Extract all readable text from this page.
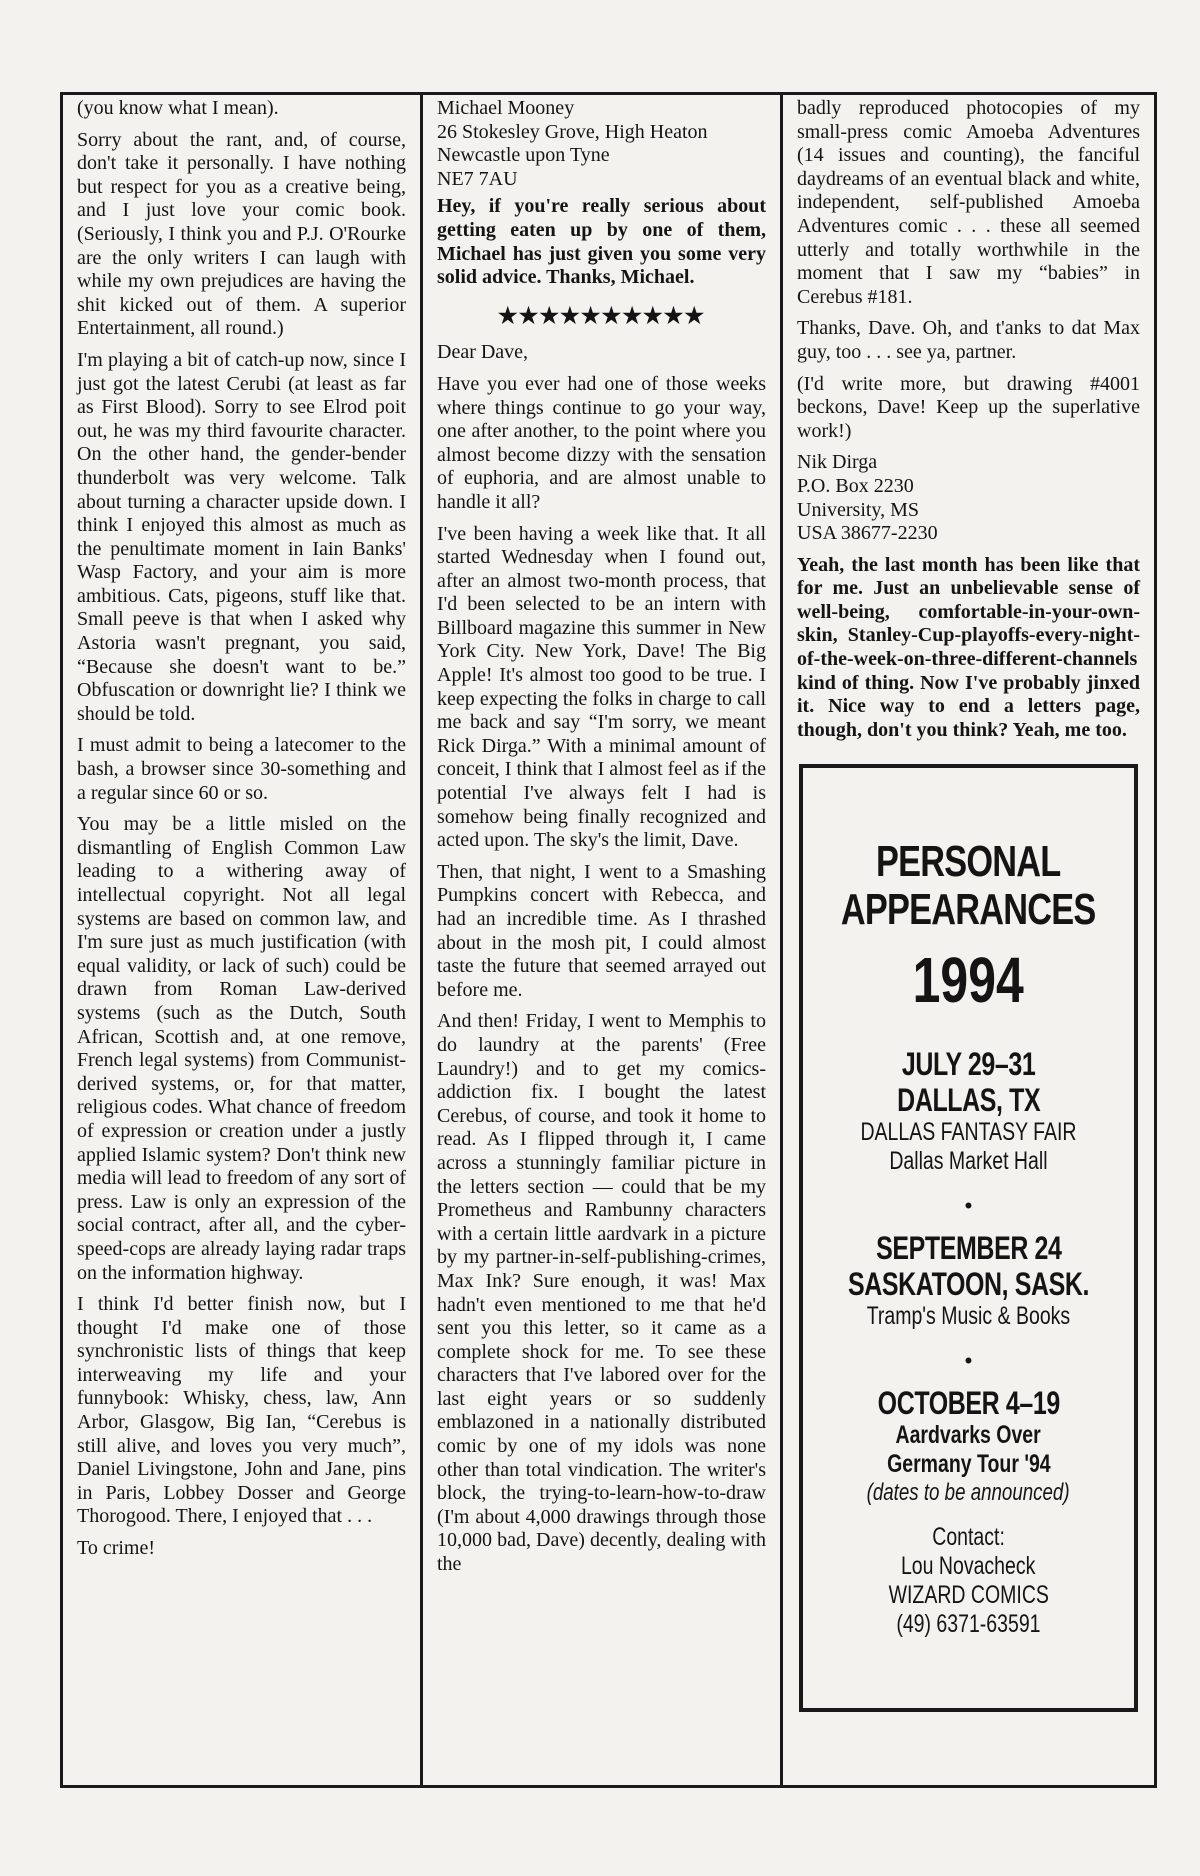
(you know what I mean).

Sorry about the rant, and, of course, don't take it personally. I have nothing but respect for you as a creative being, and I just love your comic book. (Seriously, I think you and P.J. O'Rourke are the only writers I can laugh with while my own prejudices are having the shit kicked out of them. A superior Entertainment, all round.)

I'm playing a bit of catch-up now, since I just got the latest Cerubi (at least as far as First Blood). Sorry to see Elrod poit out, he was my third favourite character. On the other hand, the gender-bender thunderbolt was very welcome. Talk about turning a character upside down. I think I enjoyed this almost as much as the penultimate moment in Iain Banks' Wasp Factory, and your aim is more ambitious. Cats, pigeons, stuff like that. Small peeve is that when I asked why Astoria wasn't pregnant, you said, “Because she doesn't want to be.” Obfuscation or downright lie? I think we should be told.

I must admit to being a latecomer to the bash, a browser since 30-something and a regular since 60 or so.

You may be a little misled on the dismantling of English Common Law leading to a withering away of intellectual copyright. Not all legal systems are based on common law, and I'm sure just as much justification (with equal validity, or lack of such) could be drawn from Roman Law-derived systems (such as the Dutch, South African, Scottish and, at one remove, French legal systems) from Communist-derived systems, or, for that matter, religious codes. What chance of freedom of expression or creation under a justly applied Islamic system? Don't think new media will lead to freedom of any sort of press. Law is only an expression of the social contract, after all, and the cyber-speed-cops are already laying radar traps on the information highway.

I think I'd better finish now, but I thought I'd make one of those synchronistic lists of things that keep interweaving my life and your funnybook: Whisky, chess, law, Ann Arbor, Glasgow, Big Ian, “Cerebus is still alive, and loves you very much”, Daniel Livingstone, John and Jane, pins in Paris, Lobbey Dosser and George Thorogood. There, I enjoyed that . . .

To crime!

Michael Mooney

26 Stokesley Grove, High Heaton

Newcastle upon Tyne

NE7 7AU

Hey, if you're really serious about getting eaten up by one of them, Michael has just given you some very solid advice. Thanks, Michael.

★★★★★★★★★★

Dear Dave,

Have you ever had one of those weeks where things continue to go your way, one after another, to the point where you almost become dizzy with the sensation of euphoria, and are almost unable to handle it all?

I've been having a week like that. It all started Wednesday when I found out, after an almost two-month process, that I'd been selected to be an intern with Billboard magazine this summer in New York City. New York, Dave! The Big Apple! It's almost too good to be true. I keep expecting the folks in charge to call me back and say “I'm sorry, we meant Rick Dirga.” With a minimal amount of conceit, I think that I almost feel as if the potential I've always felt I had is somehow being finally recognized and acted upon. The sky's the limit, Dave.

Then, that night, I went to a Smashing Pumpkins concert with Rebecca, and had an incredible time. As I thrashed about in the mosh pit, I could almost taste the future that seemed arrayed out before me.

And then! Friday, I went to Memphis to do laundry at the parents' (Free Laundry!) and to get my comics-addiction fix. I bought the latest Cerebus, of course, and took it home to read. As I flipped through it, I came across a stunningly familiar picture in the letters section — could that be my Prometheus and Rambunny characters with a certain little aardvark in a picture by my partner-in-self-publishing-crimes, Max Ink? Sure enough, it was! Max hadn't even mentioned to me that he'd sent you this letter, so it came as a complete shock for me. To see these characters that I've labored over for the last eight years or so suddenly emblazoned in a nationally distributed comic by one of my idols was none other than total vindication. The writer's block, the trying-to-learn-how-to-draw (I'm about 4,000 drawings through those 10,000 bad, Dave) decently, dealing with the

badly reproduced photocopies of my small-press comic Amoeba Adventures (14 issues and counting), the fanciful daydreams of an eventual black and white, independent, self-published Amoeba Adventures comic . . . these all seemed utterly and totally worthwhile in the moment that I saw my “babies” in Cerebus #181.

Thanks, Dave. Oh, and t'anks to dat Max guy, too . . . see ya, partner.

(I'd write more, but drawing #4001 beckons, Dave! Keep up the superlative work!)

Nik Dirga

P.O. Box 2230

University, MS

USA 38677-2230

Yeah, the last month has been like that for me. Just an unbelievable sense of well-being, comfortable-in-your-own-skin, Stanley-Cup-playoffs-every-night-of-the-week-on-three-different-channels kind of thing. Now I've probably jinxed it. Nice way to end a letters page, though, don't you think? Yeah, me too.

PERSONAL
APPEARANCES
1994
JULY 29–31
DALLAS, TX
DALLAS FANTASY FAIR
Dallas Market Hall
•
SEPTEMBER 24
SASKATOON, SASK.
Tramp's Music & Books
•
OCTOBER 4–19
Aardvarks Over
Germany Tour '94
(dates to be announced)
Contact:
Lou Novacheck
WIZARD COMICS
(49) 6371-63591
